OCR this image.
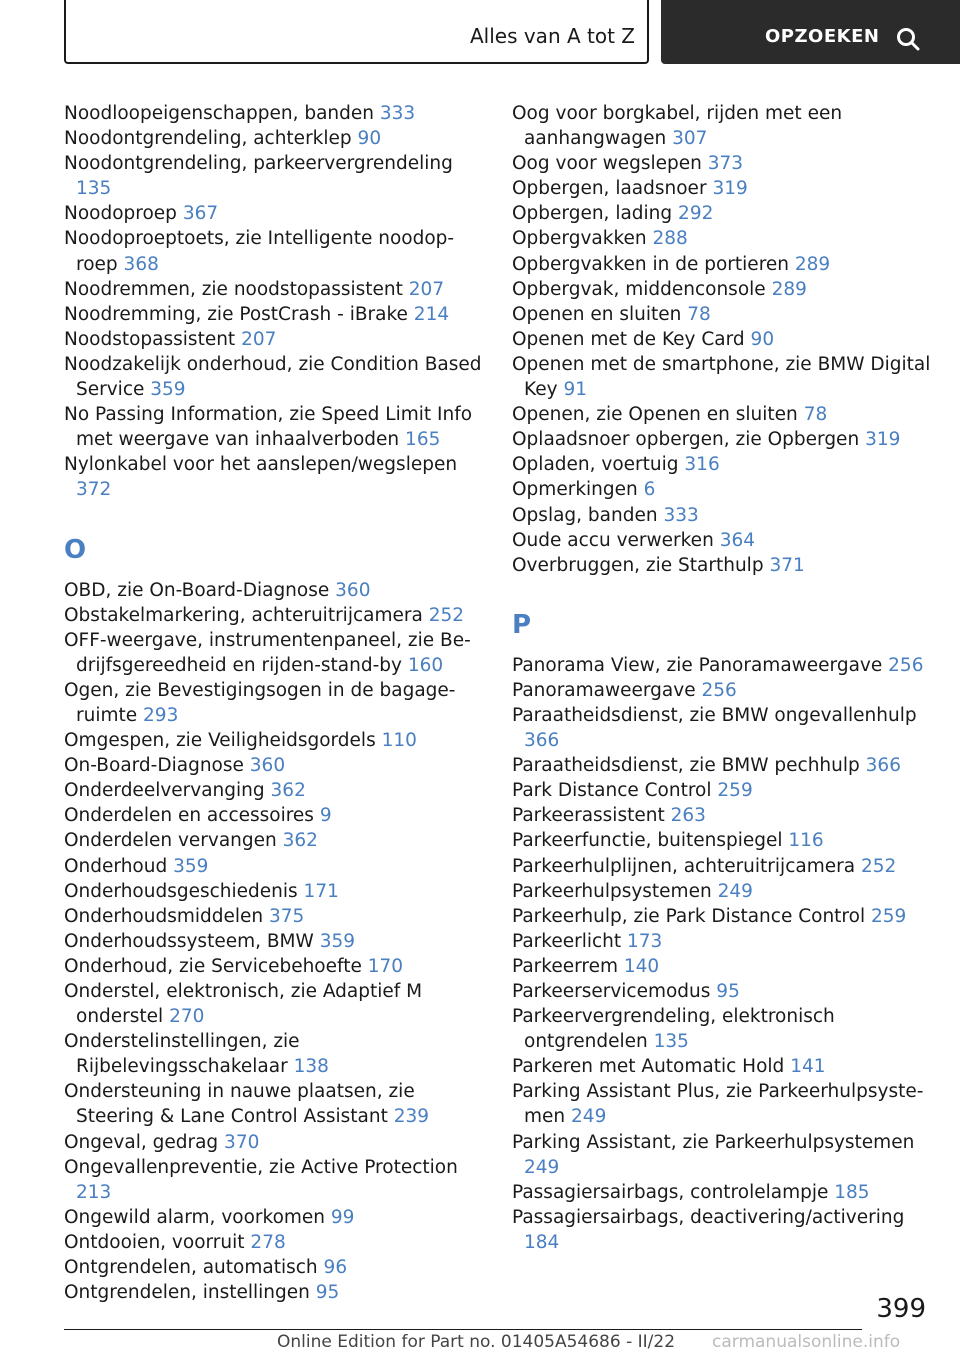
Alles van A tot Z	OPZOEKEN
Noodloopeigenschappen, banden 333
Noodontgrendeling, achterklep 90
Noodontgrendeling, parkeervergrendeling 135
Noodoproep 367
Noodoproeptoets, zie Intelligente noodoproep 368
Noodremmen, zie noodstopassistent 207
Noodremming, zie PostCrash - iBrake 214
Noodstopassistent 207
Noodzakelijk onderhoud, zie Condition Based Service 359
No Passing Information, zie Speed Limit Info met weergave van inhaalverboden 165
Nylonkabel voor het aanslepen/wegslepen 372
O
OBD, zie On-Board-Diagnose 360
Obstakelmarkering, achteruitrijcamera 252
OFF-weergave, instrumentenpaneel, zie Bedrijfsgereedheid en rijden-stand-by 160
Ogen, zie Bevestigingsogen in de bagageruimte 293
Omgespen, zie Veiligheidsgordels 110
On-Board-Diagnose 360
Onderdeelvervanging 362
Onderdelen en accessoires 9
Onderdelen vervangen 362
Onderhoud 359
Onderhoudsgeschiedenis 171
Onderhoudsmiddelen 375
Onderhoudssysteem, BMW 359
Onderhoud, zie Servicebehoefte 170
Onderstel, elektronisch, zie Adaptief M onderstel 270
Onderstelinstellingen, zie Rijbelevingsschakelaar 138
Ondersteuning in nauwe plaatsen, zie Steering & Lane Control Assistant 239
Ongeval, gedrag 370
Ongevallenpreventie, zie Active Protection 213
Ongewild alarm, voorkomen 99
Ontdooien, voorruit 278
Ontgrendelen, automatisch 96
Ontgrendelen, instellingen 95
Oog voor borgkabel, rijden met een aanhangwagen 307
Oog voor wegslepen 373
Opbergen, laadsnoer 319
Opbergen, lading 292
Opbergvakken 288
Opbergvakken in de portieren 289
Opbergvak, middenconsole 289
Openen en sluiten 78
Openen met de Key Card 90
Openen met de smartphone, zie BMW Digital Key 91
Openen, zie Openen en sluiten 78
Oplaadsnoer opbergen, zie Opbergen 319
Opladen, voertuig 316
Opmerkingen 6
Opslag, banden 333
Oude accu verwerken 364
Overbruggen, zie Starthulp 371
P
Panorama View, zie Panoramaweergave 256
Panoramaweergave 256
Paraatheidsdienst, zie BMW ongevallenhulp 366
Paraatheidsdienst, zie BMW pechhulp 366
Park Distance Control 259
Parkeerassistent 263
Parkeerfunctie, buitenspiegel 116
Parkeerhulplijnen, achteruitrijcamera 252
Parkeerhulpsystemen 249
Parkeerhulp, zie Park Distance Control 259
Parkeerlicht 173
Parkeerrem 140
Parkeerservicemodus 95
Parkeervergrendeling, elektronisch ontgrendelen 135
Parkeren met Automatic Hold 141
Parking Assistant Plus, zie Parkeerhulpsystemen 249
Parking Assistant, zie Parkeerhulpsystemen 249
Passagiersairbags, controlelampje 185
Passagiersairbags, deactivering/activering 184
399
Online Edition for Part no. 01405A54686 - II/22 carmanualsonline.info
